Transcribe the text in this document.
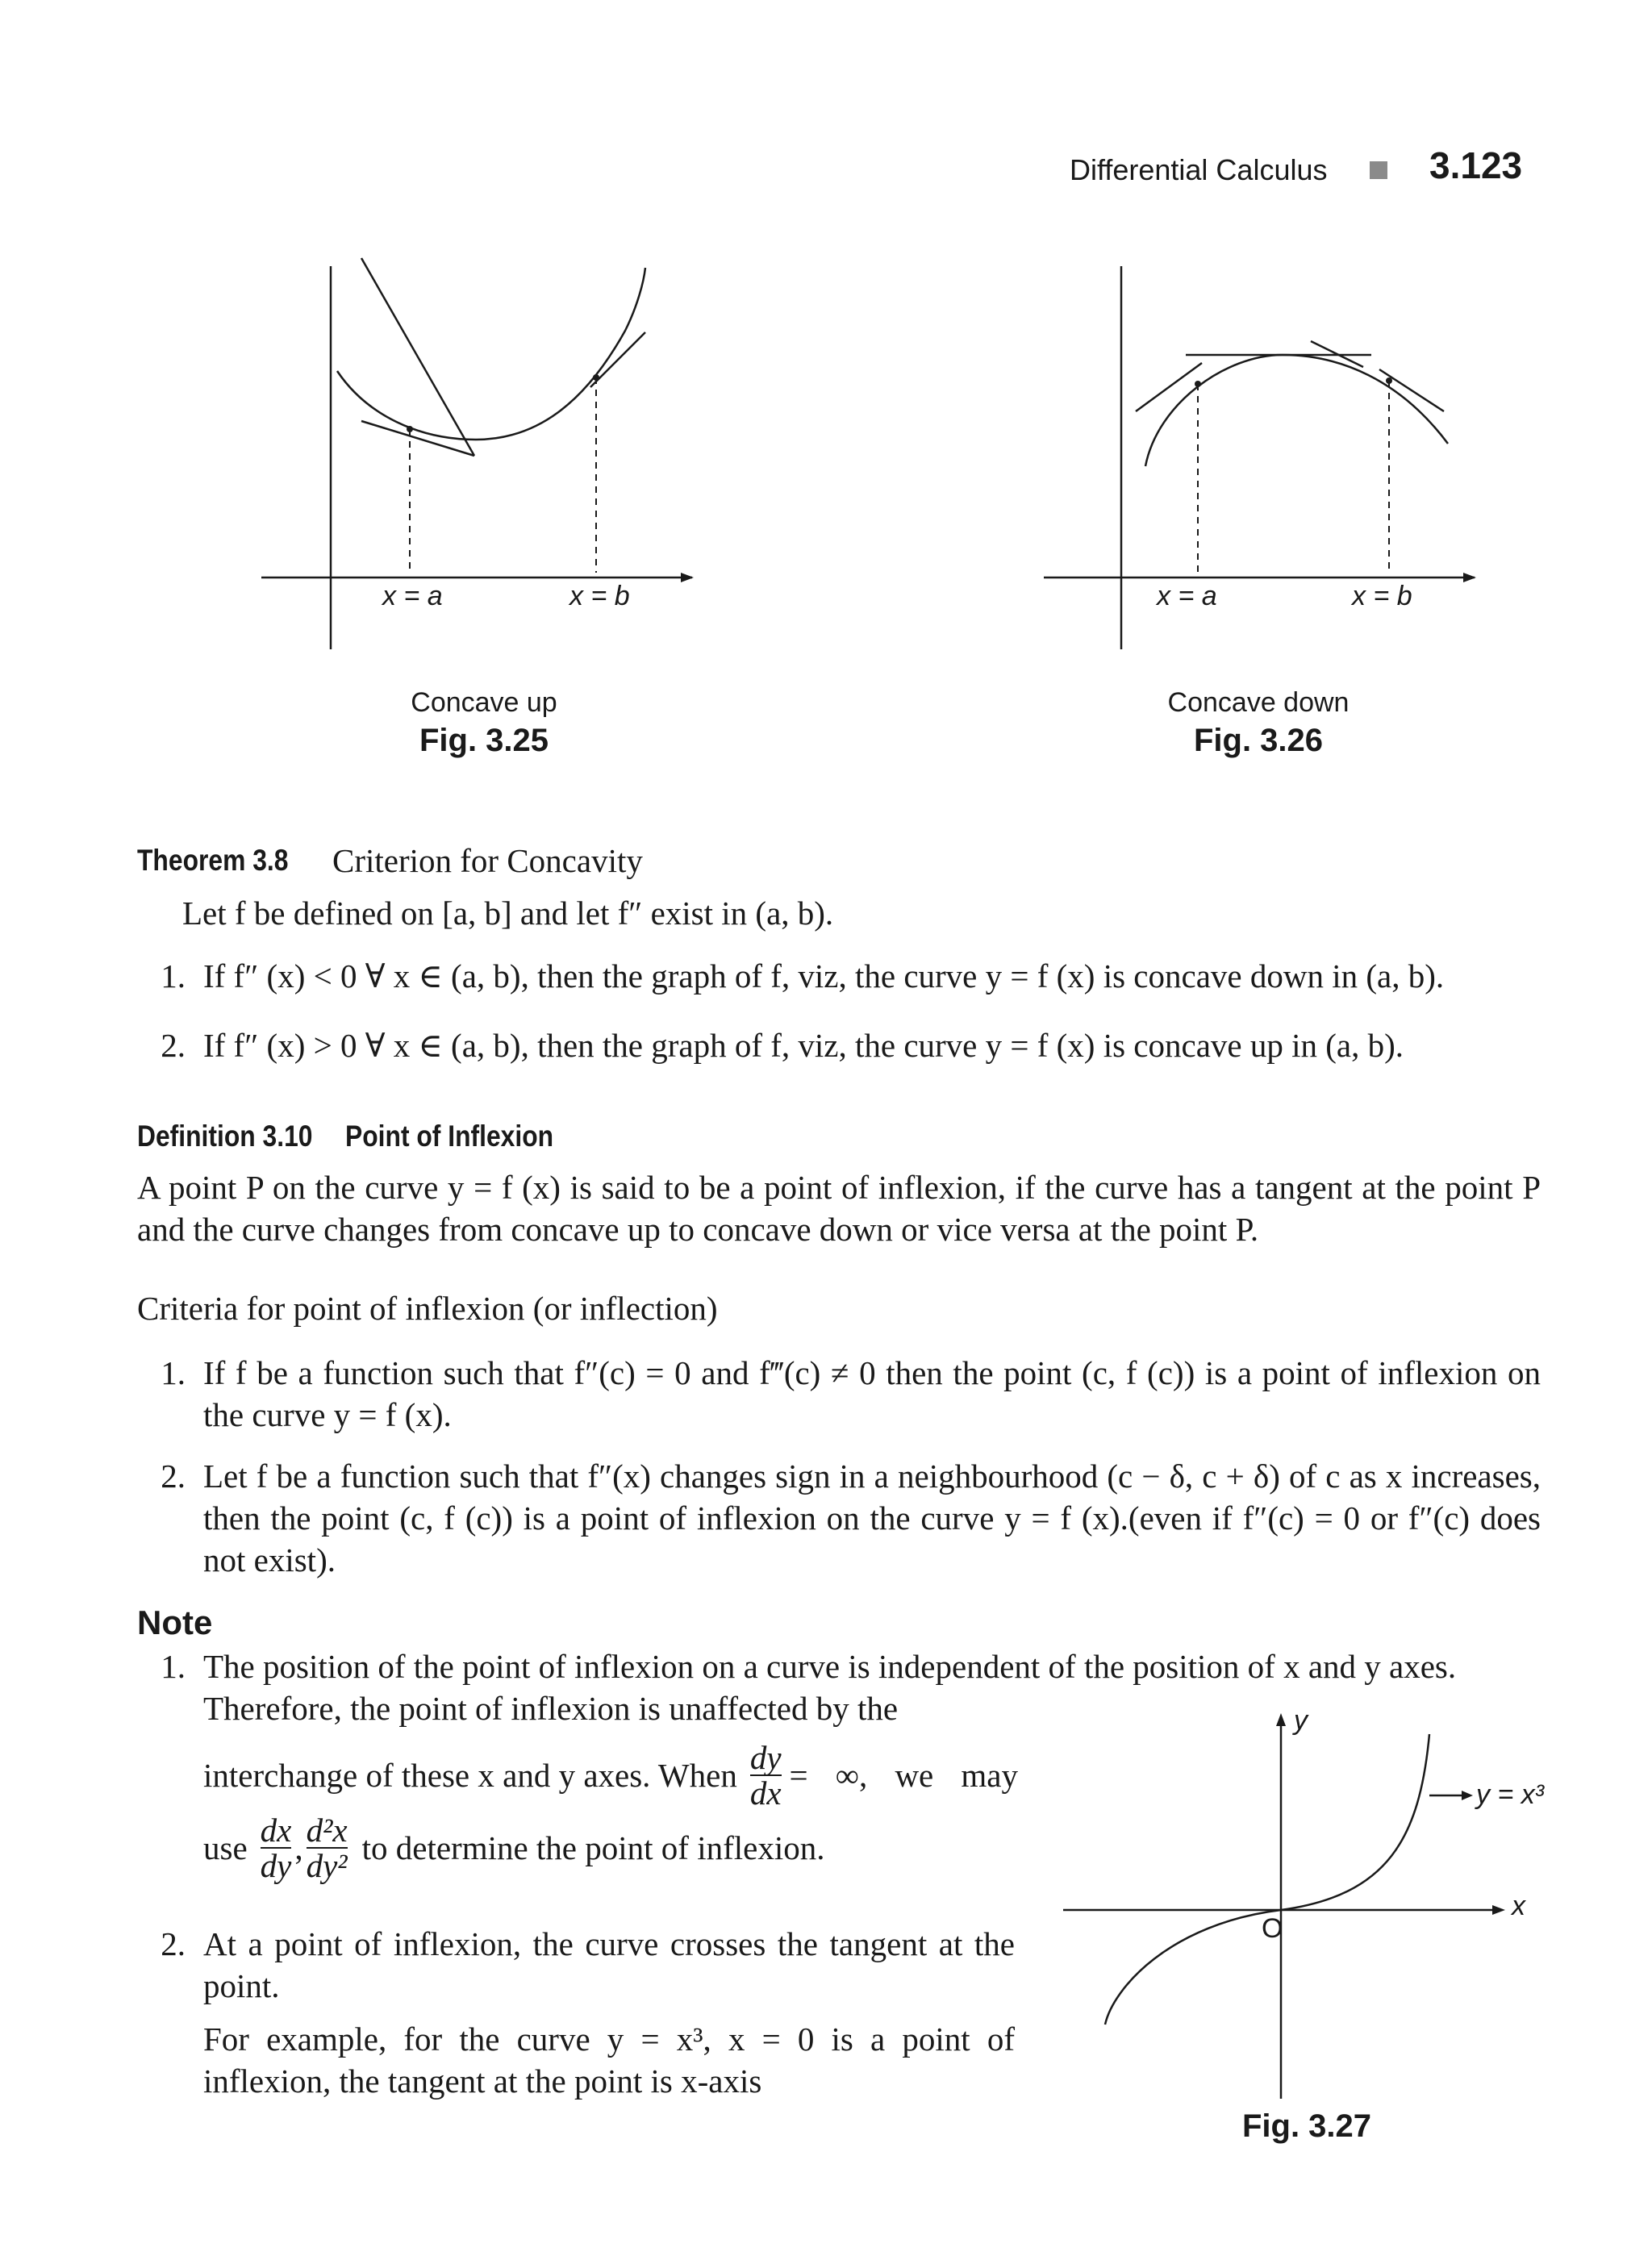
Differential Calculus	3.123
x = a	x = b
Concave up
Fig. 3.25
x = a	x = b
Concave down
Fig. 3.26
Theorem 3.8 Criterion for Concavity
Let f be defined on [a, b] and let f″ exist in (a, b).
1. If f″ (x) < 0 ∀ x ∈ (a, b), then the graph of f, viz, the curve y = f (x) is concave down in (a, b).
2. If f″ (x) > 0 ∀ x ∈ (a, b), then the graph of f, viz, the curve y = f (x) is concave up in (a, b).
Definition 3.10 Point of Inflexion
A point P on the curve y = f (x) is said to be a point of inflexion, if the curve has a tangent at the point P and the curve changes from concave up to concave down or vice versa at the point P.
Criteria for point of inflexion (or inflection)
1. If f be a function such that f″(c) = 0 and f‴(c) ≠ 0 then the point (c, f (c)) is a point of inflexion on the curve y = f (x).
2. Let f be a function such that f″(x) changes sign in a neighbourhood (c − δ, c + δ) of c as x increases, then the point (c, f (c)) is a point of inflexion on the curve y = f (x).(even if f″(c) = 0 or f″(c) does not exist).
Note
1. The position of the point of inflexion on a curve is independent of the position of x and y axes.
Therefore, the point of inflexion is unaffected by the
interchange of these x and y axes. When $\frac{dy}{dx}$ = ∞, we may
use $\frac{dx}{dy}$ , $\frac{\text{d²x}}{\text{dy²}}$ to determine the point of inflexion.
2. At a point of inflexion, the curve crosses the tangent at the point.
For example, for the curve y = x³, x = 0 is a point of inflexion, the tangent at the point is x-axis
y
y = x³
x
O
Fig. 3.27
